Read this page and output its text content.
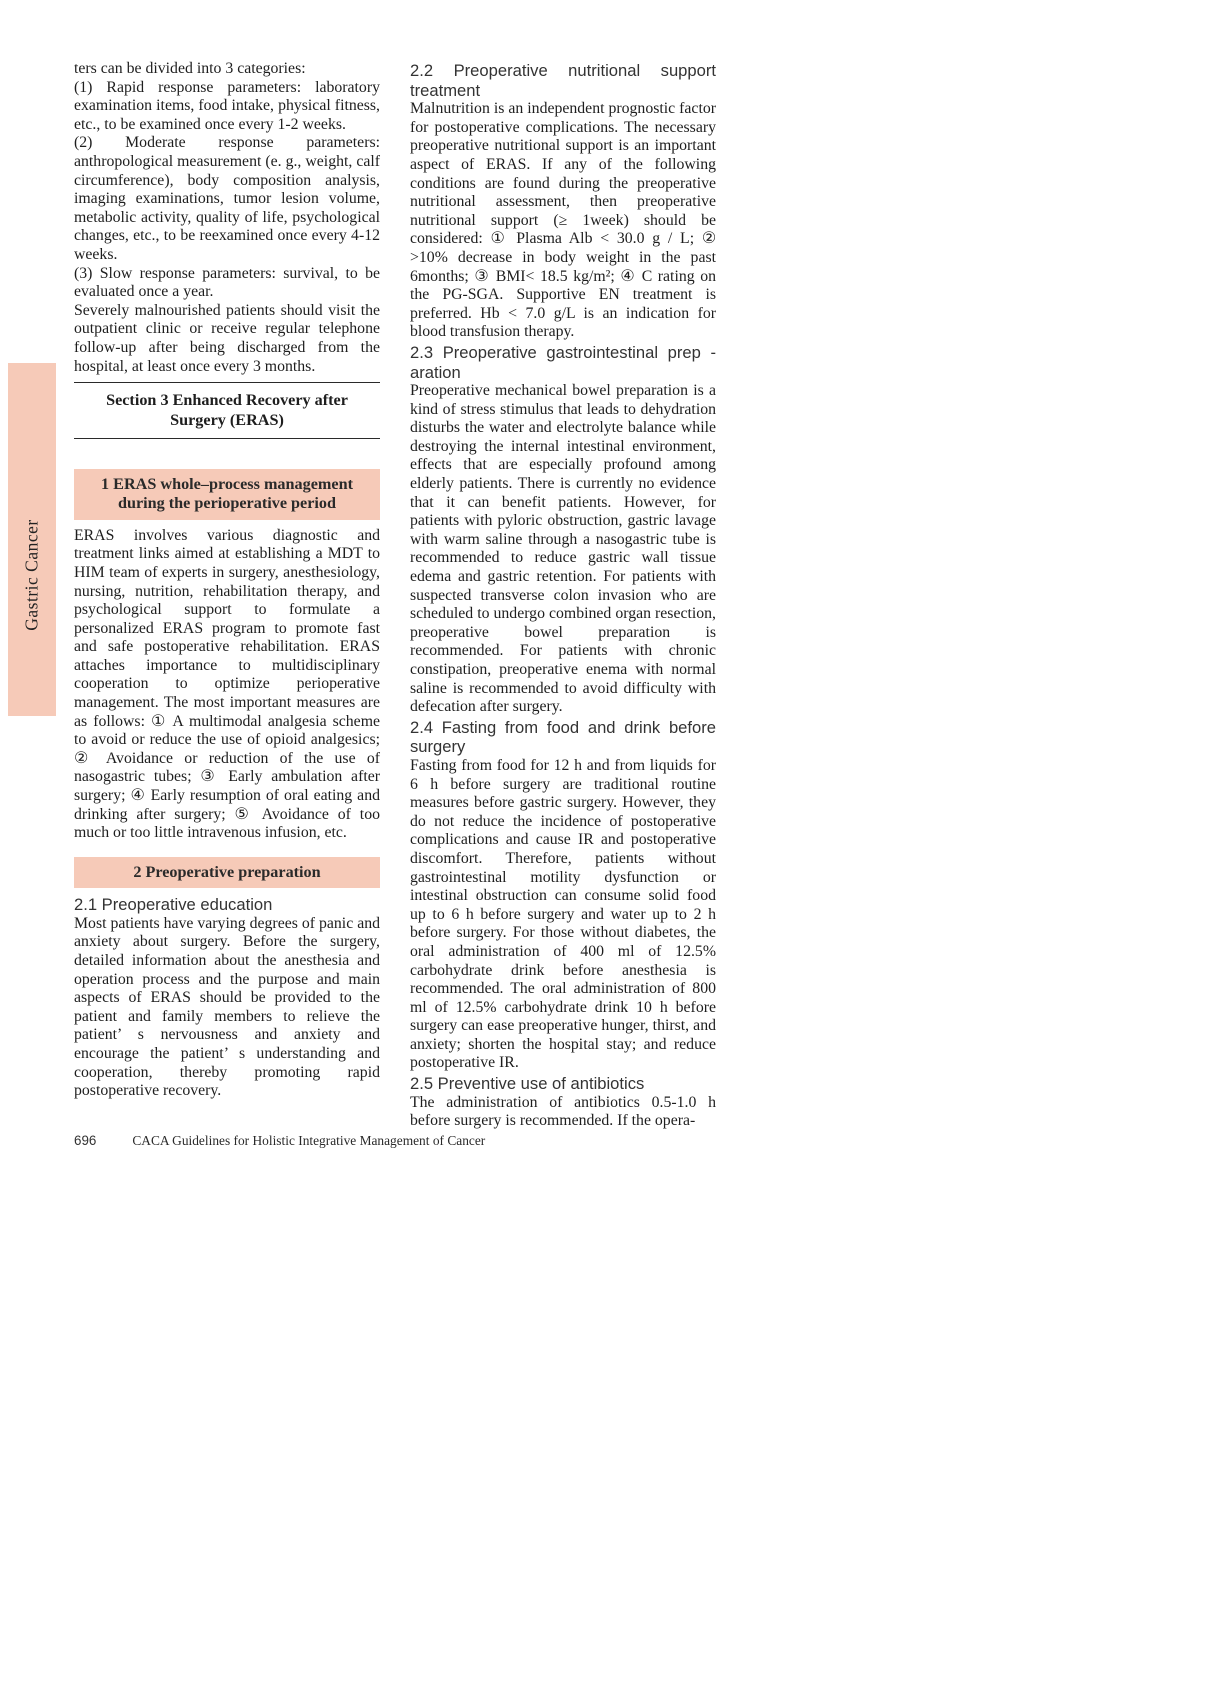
Gastric Cancer

ters can be divided into 3 categories:

(1) Rapid response parameters: laboratory examination items, food intake, physical fitness, etc., to be examined once every 1-2 weeks.

(2) Moderate response parameters: anthropological measurement (e. g., weight, calf circumference), body composition analysis, imaging examinations, tumor lesion volume, metabolic activity, quality of life, psychological changes, etc., to be reexamined once every 4-12 weeks.

(3) Slow response parameters: survival, to be evaluated once a year.

Severely malnourished patients should visit the outpatient clinic or receive regular telephone follow-up after being discharged from the hospital, at least once every 3 months.

Section 3 Enhanced Recovery after Surgery (ERAS)
1 ERAS whole–process management during the perioperative period

ERAS involves various diagnostic and treatment links aimed at establishing a MDT to HIM team of experts in surgery, anesthesiology, nursing, nutrition, rehabilitation therapy, and psychological support to formulate a personalized ERAS program to promote fast and safe postoperative rehabilitation. ERAS attaches importance to multidisciplinary cooperation to optimize perioperative management. The most important measures are as follows: ① A multimodal analgesia scheme to avoid or reduce the use of opioid analgesics; ② Avoidance or reduction of the use of nasogastric tubes; ③ Early ambulation after surgery; ④ Early resumption of oral eating and drinking after surgery; ⑤ Avoidance of too much or too little intravenous infusion, etc.

2 Preoperative preparation
2.1 Preoperative education

Most patients have varying degrees of panic and anxiety about surgery. Before the surgery, detailed information about the anesthesia and operation process and the purpose and main aspects of ERAS should be provided to the patient and family members to relieve the patient’ s nervousness and anxiety and encourage the patient’ s understanding and cooperation, thereby promoting rapid postoperative recovery.

2.2 Preoperative nutritional support treatment

Malnutrition is an independent prognostic factor for postoperative complications. The necessary preoperative nutritional support is an important aspect of ERAS. If any of the following conditions are found during the preoperative nutritional assessment, then preoperative nutritional support (≥ 1week) should be considered: ① Plasma Alb < 30.0 g / L; ② >10% decrease in body weight in the past 6months; ③ BMI< 18.5 kg/m²; ④ C rating on the PG-SGA. Supportive EN treatment is preferred. Hb < 7.0 g/L is an indication for blood transfusion therapy.

2.3 Preoperative gastrointestinal prep - aration

Preoperative mechanical bowel preparation is a kind of stress stimulus that leads to dehydration disturbs the water and electrolyte balance while destroying the internal intestinal environment, effects that are especially profound among elderly patients. There is currently no evidence that it can benefit patients. However, for patients with pyloric obstruction, gastric lavage with warm saline through a nasogastric tube is recommended to reduce gastric wall tissue edema and gastric retention. For patients with suspected transverse colon invasion who are scheduled to undergo combined organ resection, preoperative bowel preparation is recommended. For patients with chronic constipation, preoperative enema with normal saline is recommended to avoid difficulty with defecation after surgery.

2.4 Fasting from food and drink before surgery

Fasting from food for 12 h and from liquids for 6 h before surgery are traditional routine measures before gastric surgery. However, they do not reduce the incidence of postoperative complications and cause IR and postoperative discomfort. Therefore, patients without gastrointestinal motility dysfunction or intestinal obstruction can consume solid food up to 6 h before surgery and water up to 2 h before surgery. For those without diabetes, the oral administration of 400 ml of 12.5% carbohydrate drink before anesthesia is recommended. The oral administration of 800 ml of 12.5% carbohydrate drink 10 h before surgery can ease preoperative hunger, thirst, and anxiety; shorten the hospital stay; and reduce postoperative IR.

2.5 Preventive use of antibiotics

The administration of antibiotics 0.5-1.0 h before surgery is recommended. If the opera-

696	CACA Guidelines for Holistic Integrative Management of Cancer
